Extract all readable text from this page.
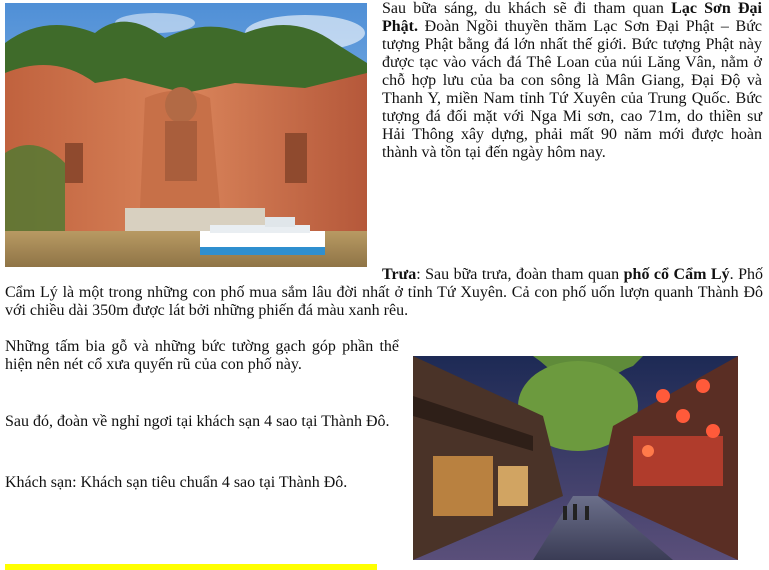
Sau bữa sáng, du khách sẽ đi tham quan Lạc Sơn Đại Phật. Đoàn Ngồi thuyền thăm Lạc Sơn Đại Phật – Bức tượng Phật bằng đá lớn nhất thế giới. Bức tượng Phật này được tạc vào vách đá Thê Loan của núi Lăng Vân, nằm ở chỗ hợp lưu của ba con sông là Mân Giang, Đại Độ và Thanh Y, miền Nam tỉnh Tứ Xuyên của Trung Quốc. Bức tượng đá đối mặt với Nga Mi sơn, cao 71m, do thiền sư Hải Thông xây dựng, phải mất 90 năm mới được hoàn thành và tồn tại đến ngày hôm nay.

Trưa: Sau bữa trưa, đoàn tham quan phố cổ Cẩm Lý. Phố Cẩm Lý là một trong những con phố mua sắm lâu đời nhất ở tỉnh Tứ Xuyên. Cả con phố uốn lượn quanh Thành Đô với chiều dài 350m được lát bởi những phiến đá màu xanh rêu.

Những tấm bia gỗ và những bức tường gạch góp phần thể hiện nên nét cổ xưa quyến rũ của con phố này.

Sau đó, đoàn về nghỉ ngơi tại khách sạn 4 sao tại Thành Đô.

Khách sạn: Khách sạn tiêu chuẩn 4 sao tại Thành Đô.
